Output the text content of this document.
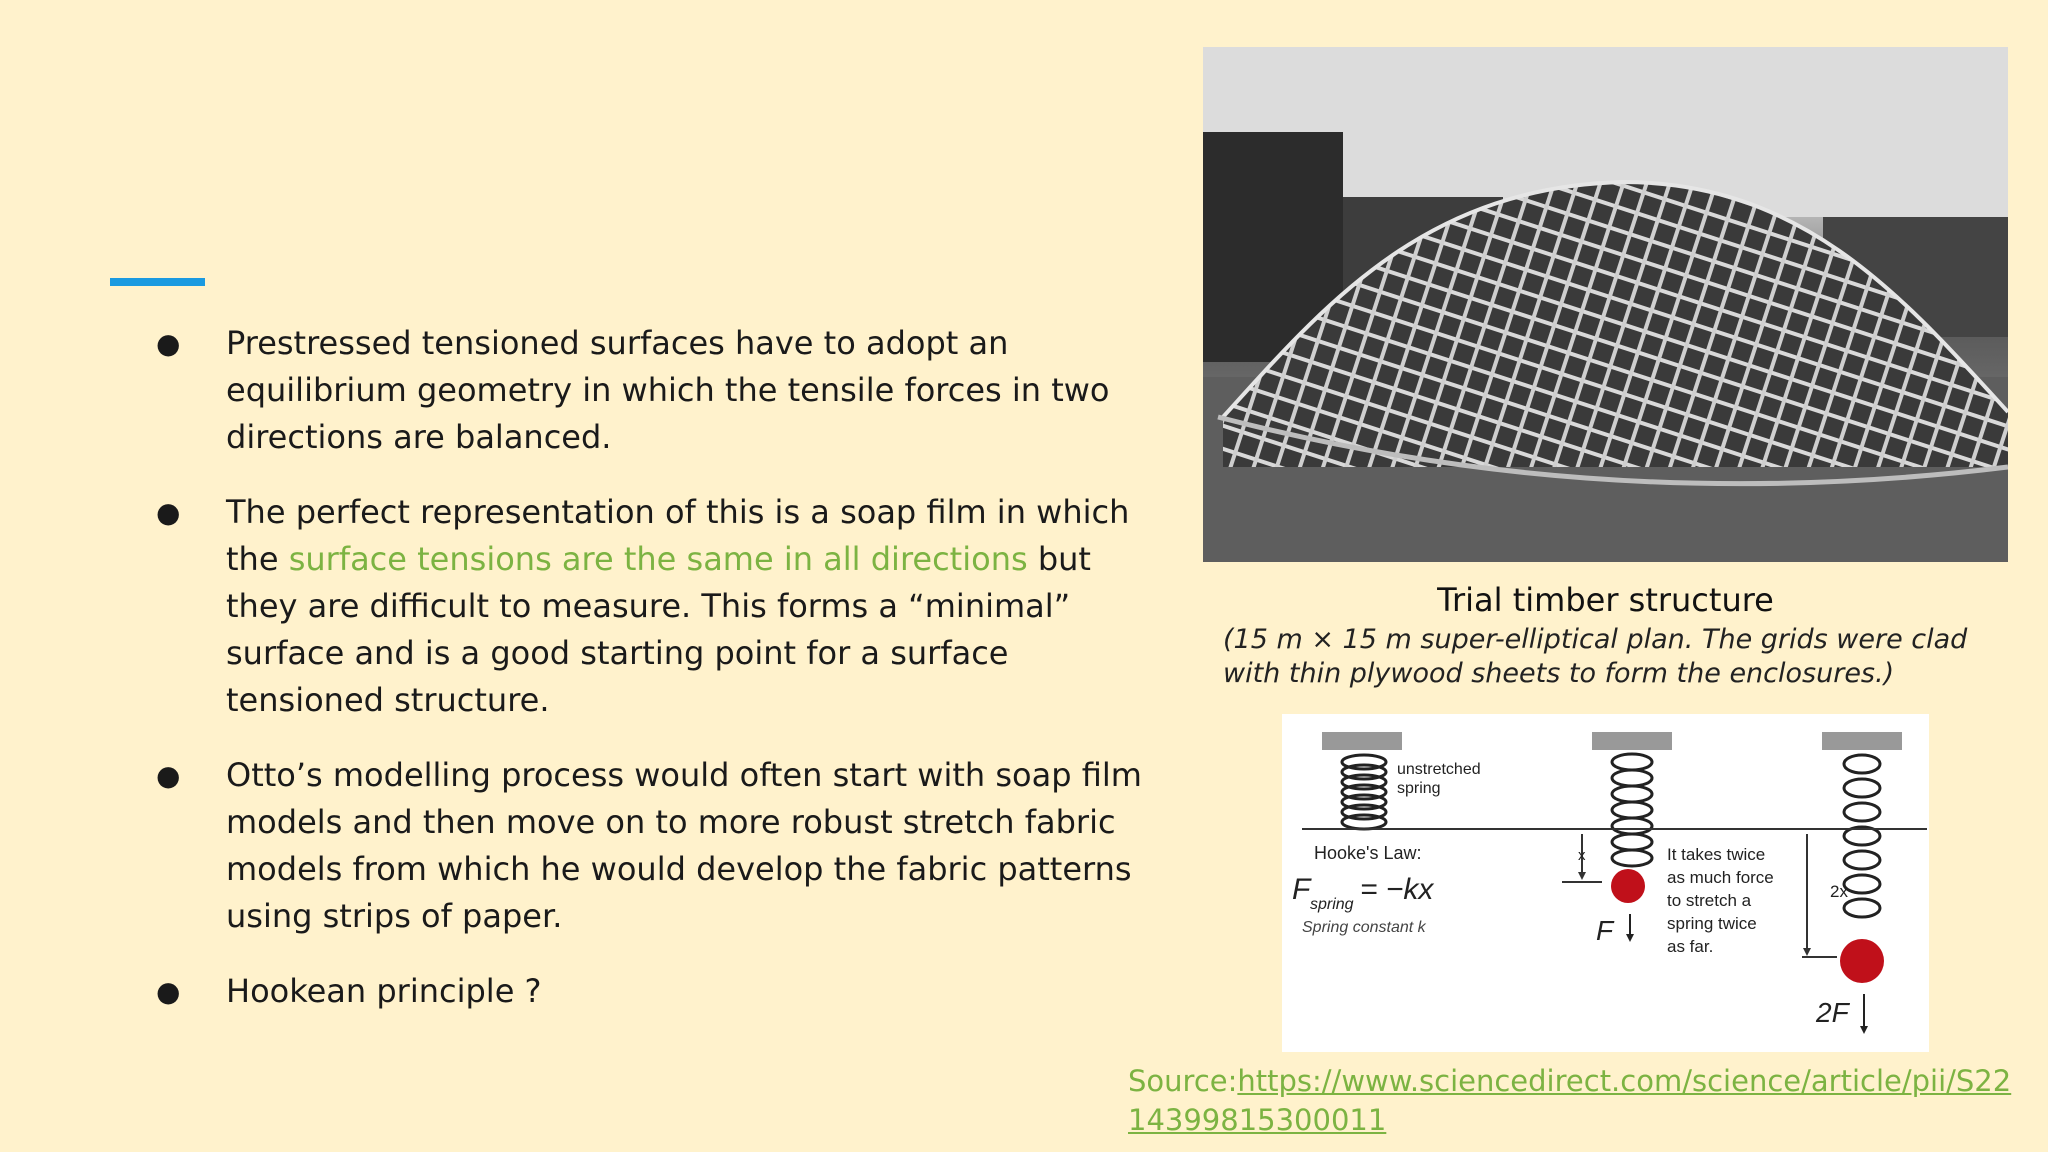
● Prestressed tensioned surfaces have to adopt an equilibrium geometry in which the tensile forces in two directions are balanced.
● The perfect representation of this is a soap film in which the surface tensions are the same in all directions but they are difficult to measure. This forms a “minimal” surface and is a good starting point for a surface tensioned structure.
● Otto’s modelling process would often start with soap film models and then move on to more robust stretch fabric models from which he would develop the fabric patterns using strips of paper.
● Hookean principle ?
Trial timber structure
(15 m × 15 m super-elliptical plan. The grids were clad with thin plywood sheets to form the enclosures.)
unstretched
spring
Hooke's Law:
F spring = −kx
Spring constant k
x
F
It takes twice
as much force
to stretch a
spring twice
as far.
2x
2F
Source:https://www.sciencedirect.com/science/article/pii/S2214399815300011
